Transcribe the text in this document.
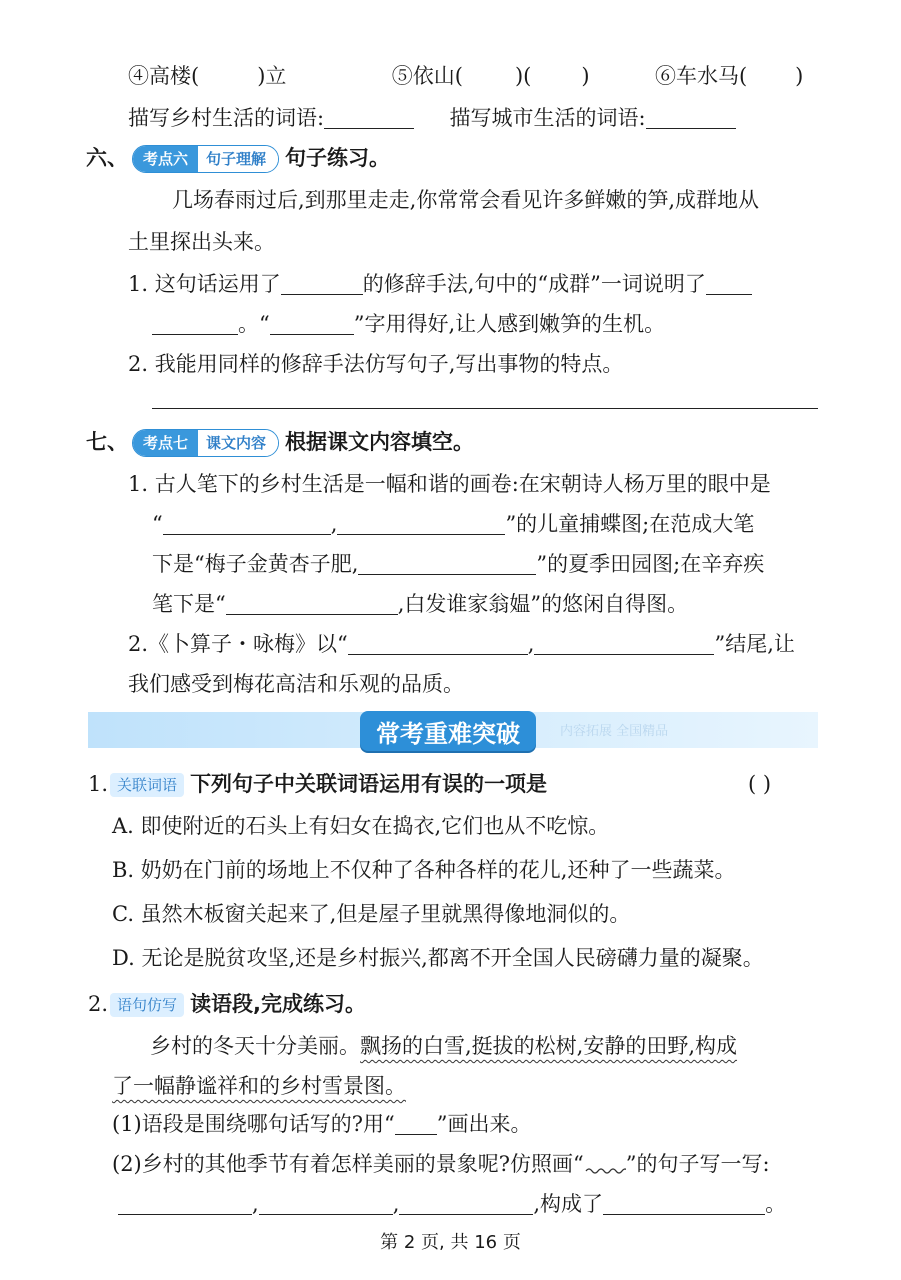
④高楼(	)立	⑤依山( )( )	⑥车水马( )
描写乡村生活的词语:	描写城市生活的词语:
六、	考点六	句子理解 句子练习。
几场春雨过后,到那里走走,你常常会看见许多鲜嫩的笋,成群地从
土里探出头来。
1. 这句话运用了	的修辞手法,句中的“成群”一词说明了
。“	”字用得好,让人感到嫩笋的生机。
2. 我能用同样的修辞手法仿写句子,写出事物的特点。
七、	考点七	课文内容 根据课文内容填空。
1. 古人笔下的乡村生活是一幅和谐的画卷:在宋朝诗人杨万里的眼中是
“	,	”的儿童捕蝶图;在范成大笔
下是“梅子金黄杏子肥,	”的夏季田园图;在辛弃疾
笔下是“	,白发谁家翁媪”的悠闲自得图。
2.《卜算子・咏梅》以“	,	”结尾,让
我们感受到梅花高洁和乐观的品质。
常考重难突破	内容拓展 全国精品
1. 关联词语 下列句子中关联词语运用有误的一项是	( )
A. 即使附近的石头上有妇女在捣衣,它们也从不吃惊。
B. 奶奶在门前的场地上不仅种了各种各样的花儿,还种了一些蔬菜。
C. 虽然木板窗关起来了,但是屋子里就黑得像地洞似的。
D. 无论是脱贫攻坚,还是乡村振兴,都离不开全国人民磅礴力量的凝聚。
2. 语句仿写 读语段,完成练习。
乡村的冬天十分美丽。飘扬的白雪,挺拔的松树,安静的田野,构成
了一幅静谧祥和的乡村雪景图。
(1)语段是围绕哪句话写的?用“ ”画出来。
(2)乡村的其他季节有着怎样美丽的景象呢?仿照画“ ”的句子写一写:
,	,	,构成了	。
第 2 页, 共 16 页
